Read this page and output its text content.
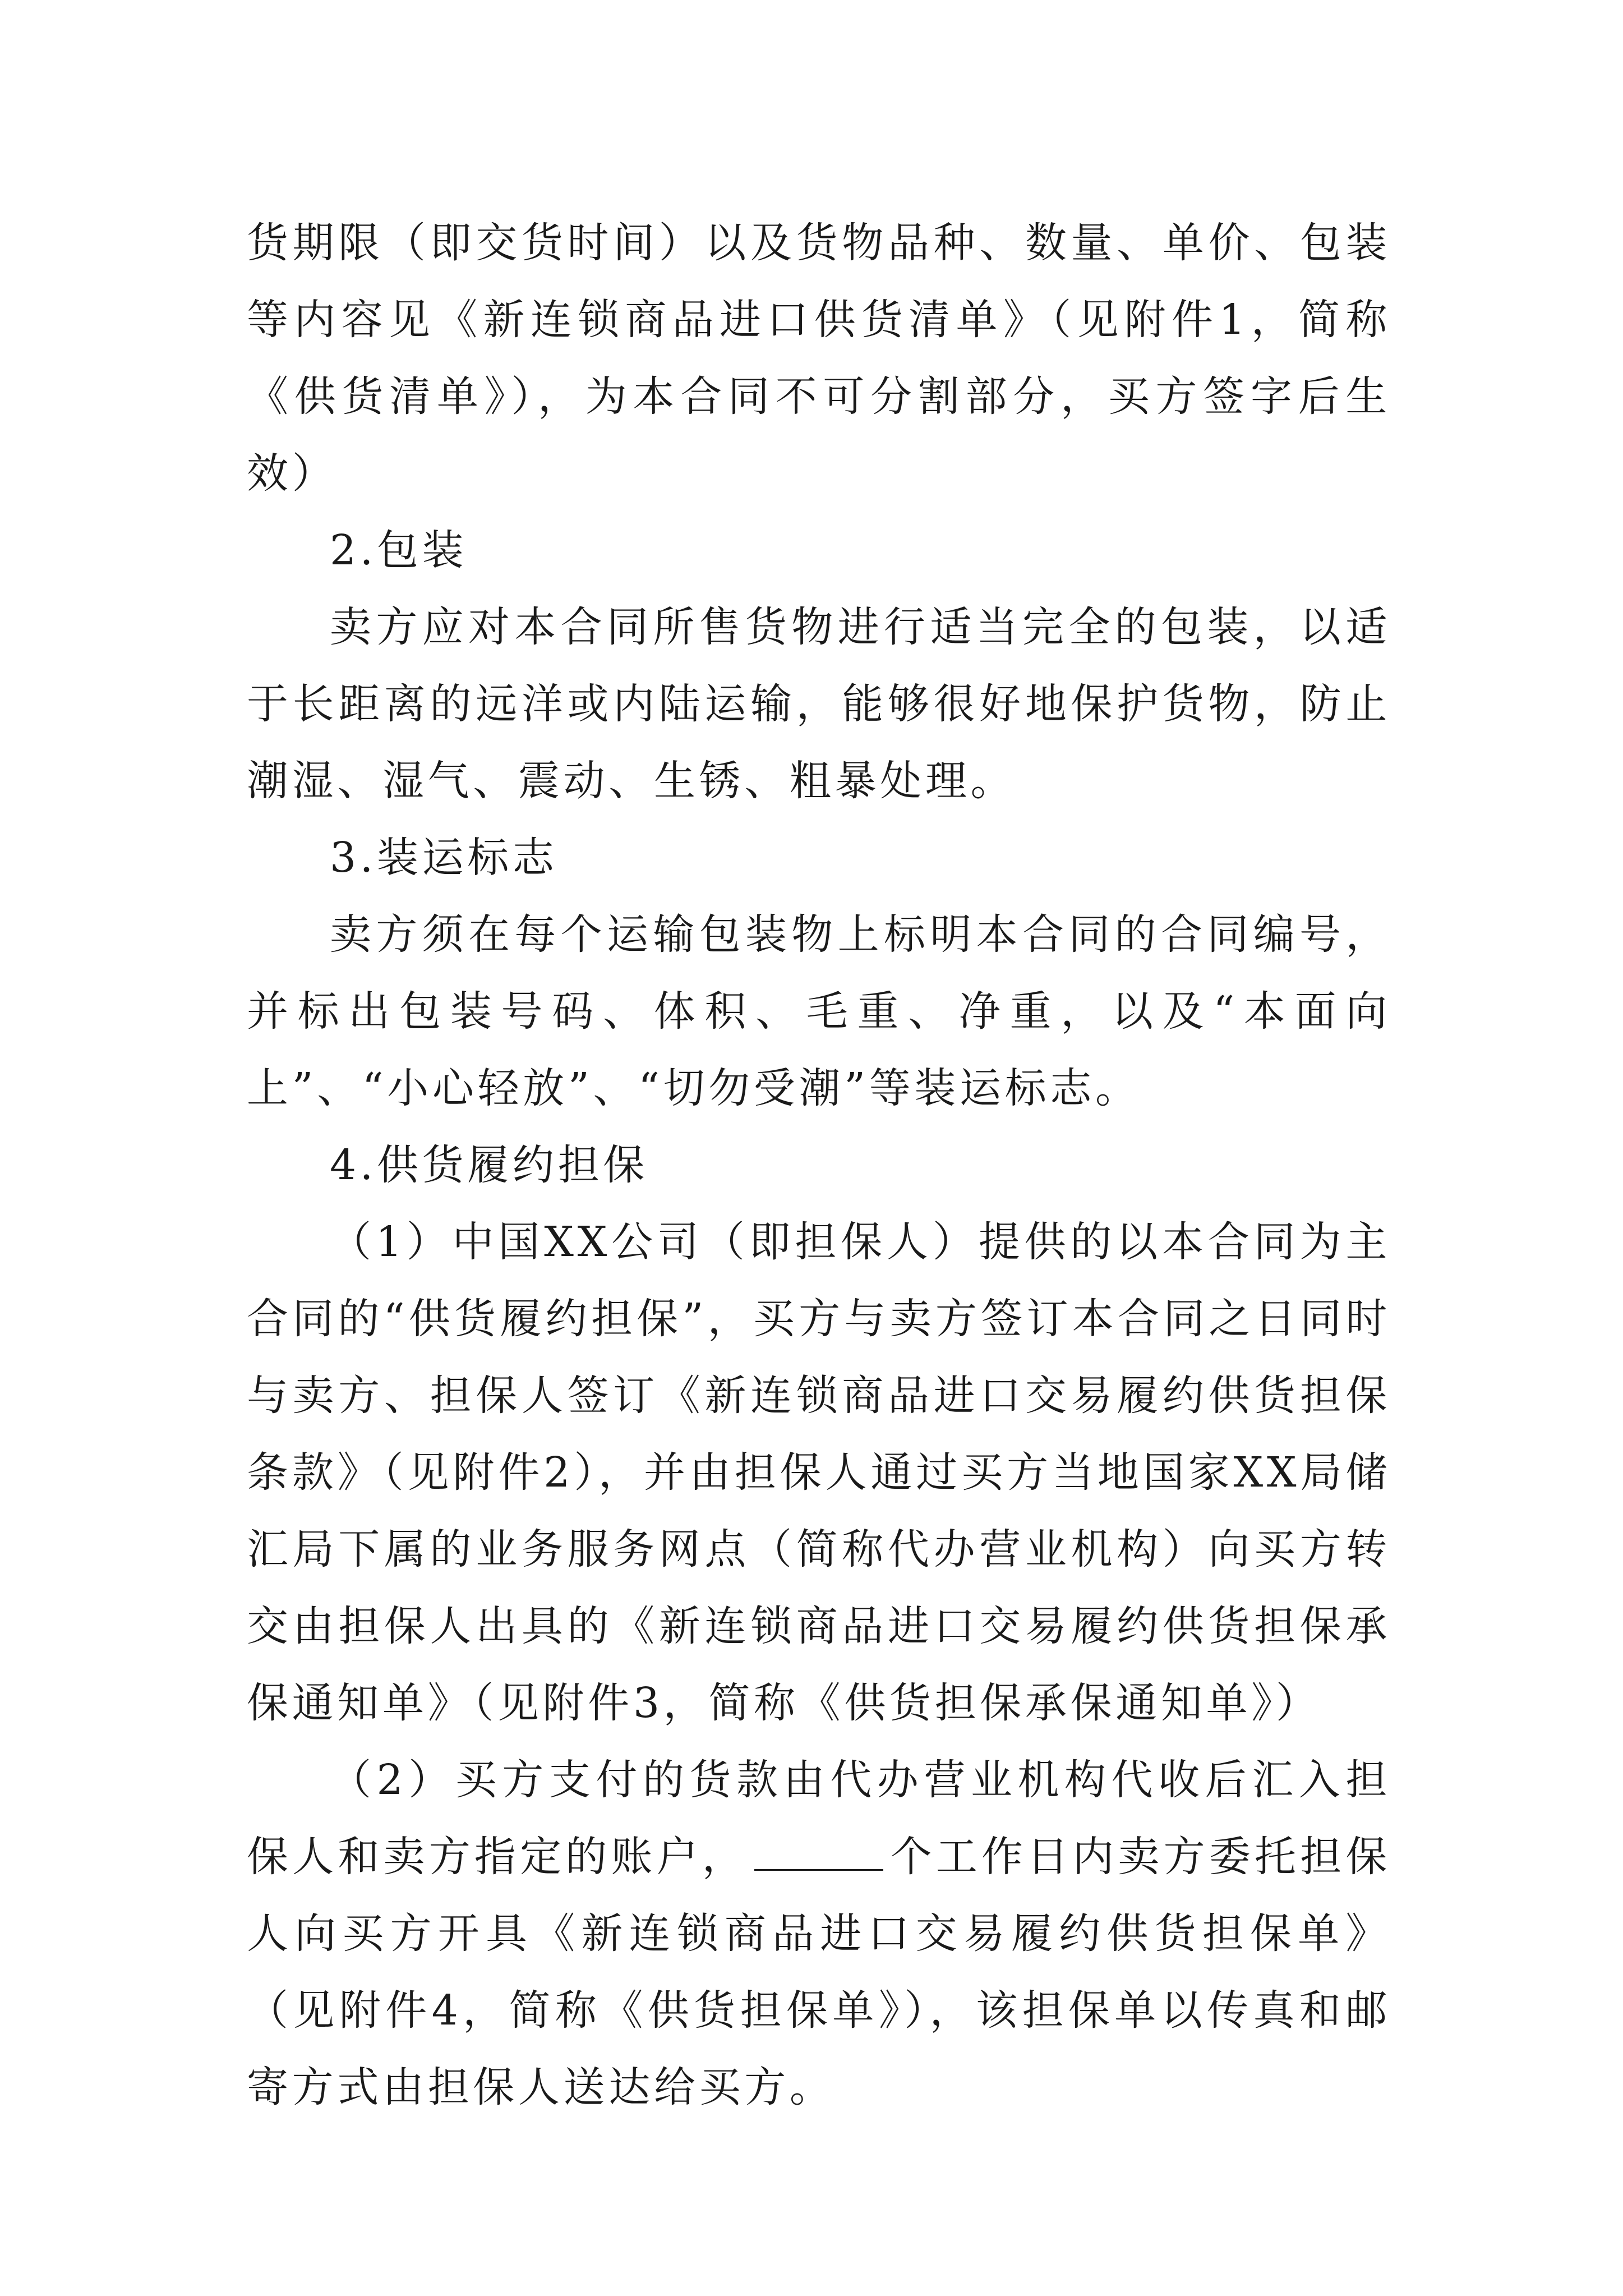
货期限（即交货时间）以及货物品种、数量、单价、包装等内容见《新连锁商品进口供货清单》（见附件1，简称《供货清单》），为本合同不可分割部分，买方签字后生效）

2.包装

卖方应对本合同所售货物进行适当完全的包装，以适于长距离的远洋或内陆运输，能够很好地保护货物，防止潮湿、湿气、震动、生锈、粗暴处理。

3.装运标志

卖方须在每个运输包装物上标明本合同的合同编号，并标出包装号码、体积、毛重、净重，以及“本面向上”、“小心轻放”、“切勿受潮”等装运标志。

4.供货履约担保

（1）中国XX公司（即担保人）提供的以本合同为主合同的“供货履约担保”，买方与卖方签订本合同之日同时与卖方、担保人签订《新连锁商品进口交易履约供货担保条款》（见附件2），并由担保人通过买方当地国家XX局储汇局下属的业务服务网点（简称代办营业机构）向买方转交由担保人出具的《新连锁商品进口交易履约供货担保承保通知单》（见附件3，简称《供货担保承保通知单》）

（2）买方支付的货款由代办营业机构代收后汇入担保人和卖方指定的账户，	个工作日内卖方委托担保人向买方开具《新连锁商品进口交易履约供货担保单》（见附件4，简称《供货担保单》），该担保单以传真和邮寄方式由担保人送达给买方。
